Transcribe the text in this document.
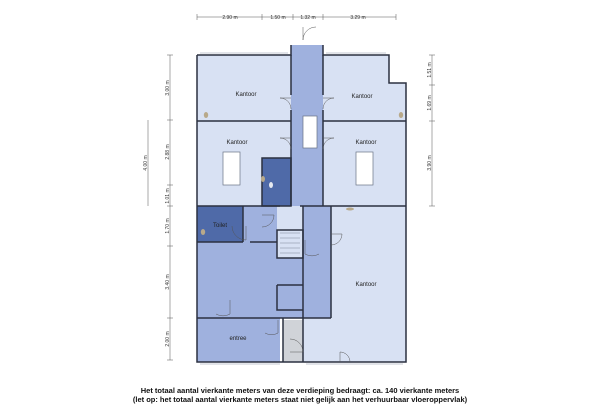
2.90 m	1.50 m	1.32 m	3.29 m
3.00 m
2.88 m
1.01 m
1.70 m
3.40 m
2.00 m
4.00 m
1.51 m
1.69 m
3.90 m
Kantoor	Kantoor
Kantoor	Kantoor
Kantoor
Toilet
entree
Het totaal aantal vierkante meters van deze verdieping bedraagt: ca. 140 vierkante meters
(let op: het totaal aantal vierkante meters staat niet gelijk aan het verhuurbaar vloeroppervlak)
